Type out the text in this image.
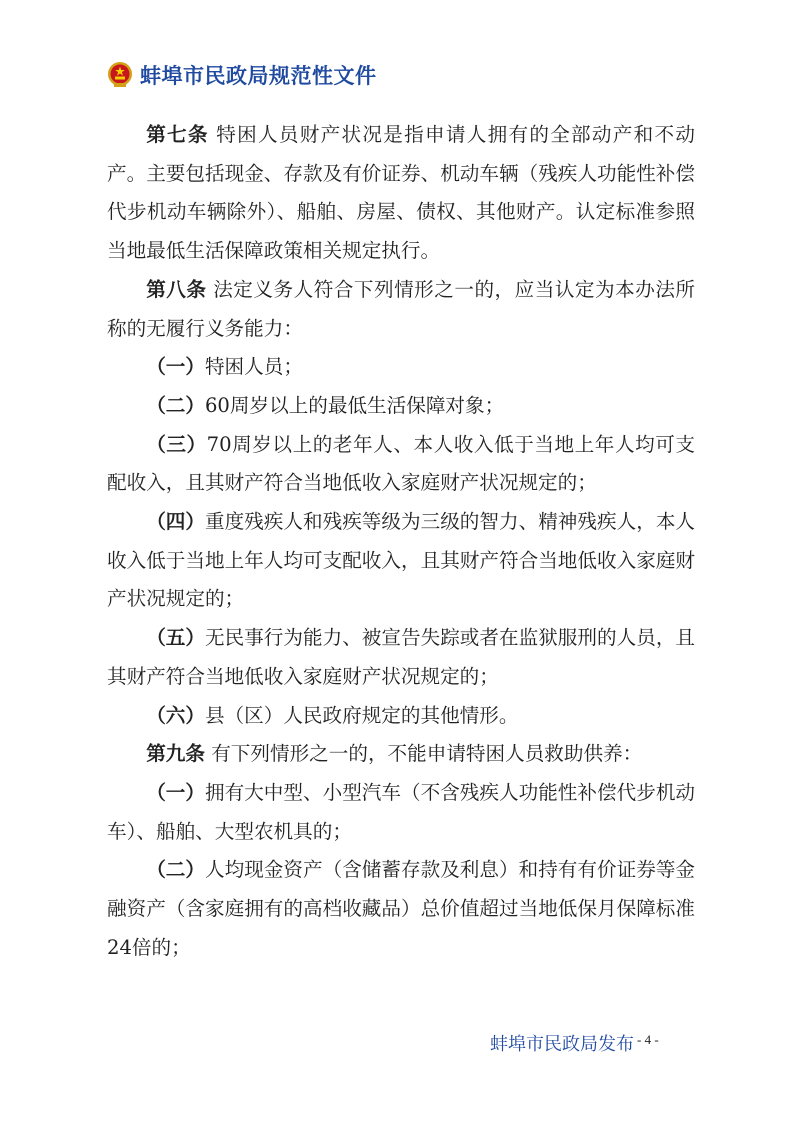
蚌埠市民政局规范性文件

第七条 特困人员财产状况是指申请人拥有的全部动产和不动产。主要包括现金、存款及有价证券、机动车辆（残疾人功能性补偿代步机动车辆除外）、船舶、房屋、债权、其他财产。认定标准参照当地最低生活保障政策相关规定执行。

第八条 法定义务人符合下列情形之一的，应当认定为本办法所称的无履行义务能力：

（一）特困人员；

（二）60周岁以上的最低生活保障对象；

（三）70周岁以上的老年人、本人收入低于当地上年人均可支配收入，且其财产符合当地低收入家庭财产状况规定的；

（四）重度残疾人和残疾等级为三级的智力、精神残疾人，本人收入低于当地上年人均可支配收入，且其财产符合当地低收入家庭财产状况规定的；

（五）无民事行为能力、被宣告失踪或者在监狱服刑的人员，且其财产符合当地低收入家庭财产状况规定的；

（六）县（区）人民政府规定的其他情形。

第九条 有下列情形之一的，不能申请特困人员救助供养：

（一）拥有大中型、小型汽车（不含残疾人功能性补偿代步机动车）、船舶、大型农机具的；

（二）人均现金资产（含储蓄存款及利息）和持有有价证券等金融资产（含家庭拥有的高档收藏品）总价值超过当地低保月保障标准24倍的；

蚌埠市民政局发布 - 4 -
